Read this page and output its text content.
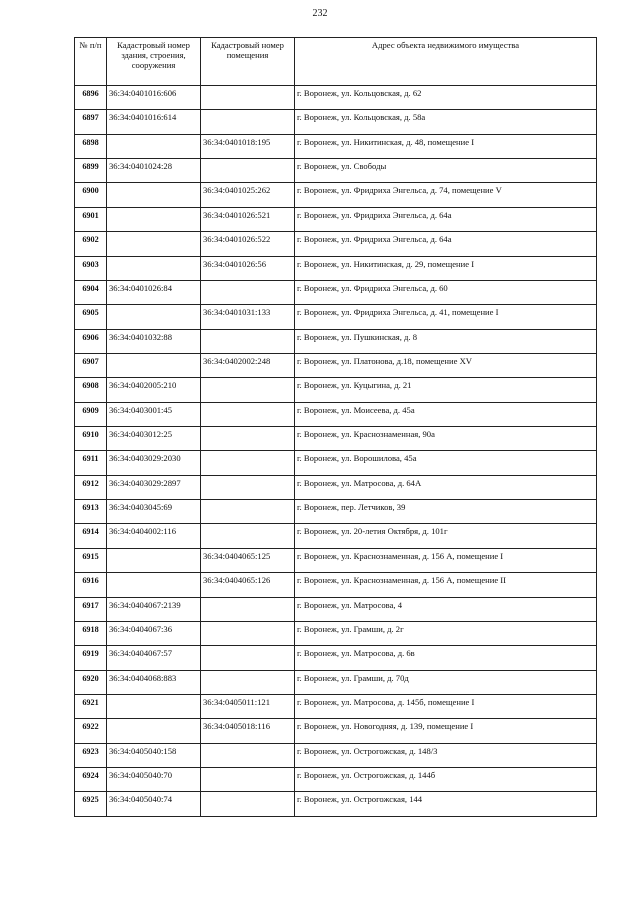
232
№ п/п	Кадастровый номер здания, строения, сооружения	Кадастровый номер помещения	Адрес объекта недвижимого имущества
6896	36:34:0401016:606		г. Воронеж, ул. Кольцовская, д. 62
6897	36:34:0401016:614		г. Воронеж, ул. Кольцовская, д. 58а
6898		36:34:0401018:195	г. Воронеж, ул. Никитинская, д. 48, помещение I
6899	36:34:0401024:28		г. Воронеж, ул. Свободы
6900		36:34:0401025:262	г. Воронеж, ул. Фридриха Энгельса, д. 74, помещение V
6901		36:34:0401026:521	г. Воронеж, ул. Фридриха Энгельса, д. 64а
6902		36:34:0401026:522	г. Воронеж, ул. Фридриха Энгельса, д. 64а
6903		36:34:0401026:56	г. Воронеж, ул. Никитинская, д. 29, помещение I
6904	36:34:0401026:84		г. Воронеж, ул. Фридриха Энгельса, д. 60
6905		36:34:0401031:133	г. Воронеж, ул. Фридриха Энгельса, д. 41, помещение I
6906	36:34:0401032:88		г. Воронеж, ул. Пушкинская, д. 8
6907		36:34:0402002:248	г. Воронеж, ул. Платонова, д.18, помещение XV
6908	36:34:0402005:210		г. Воронеж, ул. Куцыгина, д. 21
6909	36:34:0403001:45		г. Воронеж, ул. Моисеева, д. 45а
6910	36:34:0403012:25		г. Воронеж, ул. Краснознаменная, 90а
6911	36:34:0403029:2030		г. Воронеж, ул. Ворошилова, 45а
6912	36:34:0403029:2897		г. Воронеж, ул. Матросова, д. 64А
6913	36:34:0403045:69		г. Воронеж, пер. Летчиков, 39
6914	36:34:0404002:116		г. Воронеж, ул. 20-летия Октября, д. 101г
6915		36:34:0404065:125	г. Воронеж, ул. Краснознаменная, д. 156 А, помещение I
6916		36:34:0404065:126	г. Воронеж, ул. Краснознаменная, д. 156 А, помещение II
6917	36:34:0404067:2139		г. Воронеж, ул. Матросова, 4
6918	36:34:0404067:36		г. Воронеж, ул. Грамши, д. 2г
6919	36:34:0404067:57		г. Воронеж, ул. Матросова, д. 6в
6920	36:34:0404068:883		г. Воронеж, ул. Грамши, д. 70д
6921		36:34:0405011:121	г. Воронеж, ул. Матросова, д. 145б, помещение I
6922		36:34:0405018:116	г. Воронеж, ул. Новогодняя, д. 139, помещение I
6923	36:34:0405040:158		г. Воронеж, ул. Острогожская, д. 148/3
6924	36:34:0405040:70		г. Воронеж, ул. Острогожская, д. 144б
6925	36:34:0405040:74		г. Воронеж, ул. Острогожская, 144
